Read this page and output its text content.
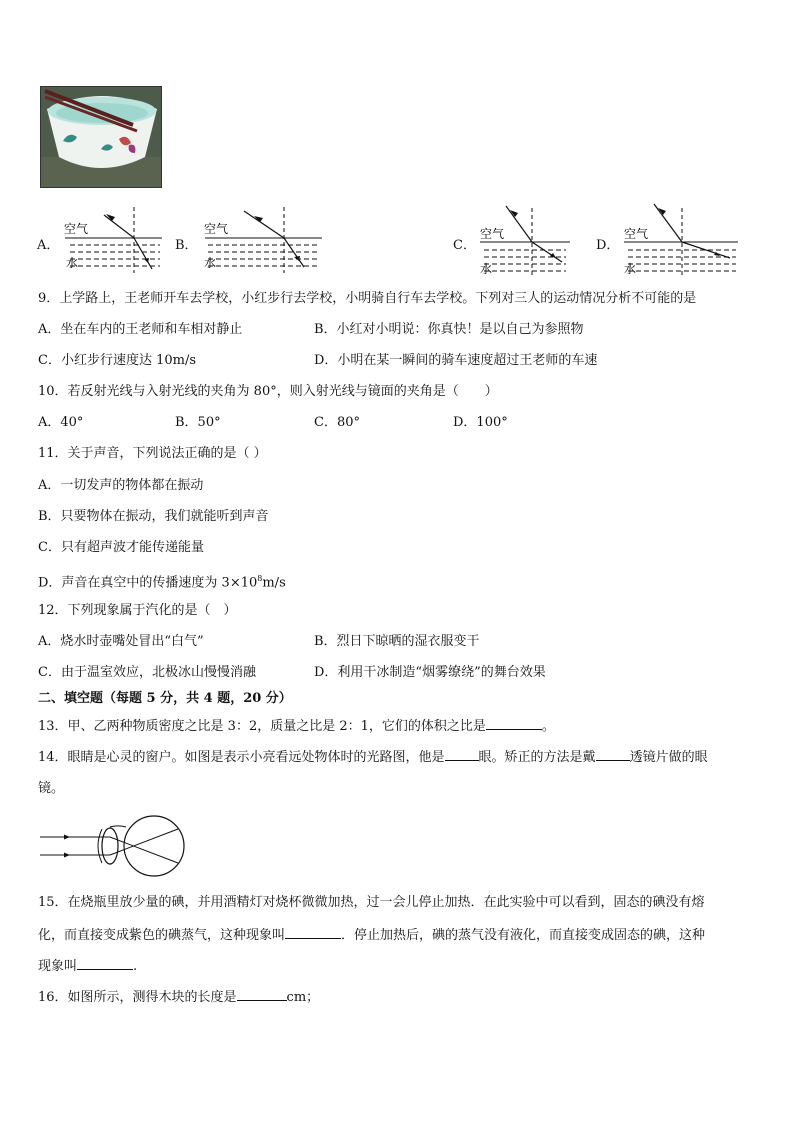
A．	B．	C．	D．
空气
水
空气
水
空气
水
空气
水
9．上学路上，王老师开车去学校，小红步行去学校，小明骑自行车去学校。下列对三人的运动情况分析不可能的是
A．坐在车内的王老师和车相对静止	B．小红对小明说：你真快！是以自己为参照物
C．小红步行速度达 10m/s	D．小明在某一瞬间的骑车速度超过王老师的车速
10．若反射光线与入射光线的夹角为 80°，则入射光线与镜面的夹角是（　　）
A．40°	B．50°	C．80°	D．100°
11．关于声音，下列说法正确的是（ ）
A．一切发声的物体都在振动
B．只要物体在振动，我们就能听到声音
C．只有超声波才能传递能量
D．声音在真空中的传播速度为 $3\times 10^8m/s$
12．下列现象属于汽化的是（　）
A．烧水时壶嘴处冒出“白气”	B．烈日下晾晒的湿衣服变干
C．由于温室效应，北极冰山慢慢消融	D．利用干冰制造“烟雾缭绕”的舞台效果
二、填空题（每题 5 分，共 4 题，20 分）
13．甲、乙两种物质密度之比是 3：2，质量之比是 2：1，它们的体积之比是	。
14．眼睛是心灵的窗户。如图是表示小亮看远处物体时的光路图，他是	眼。矫正的方法是戴	透镜片做的眼
镜。
15．在烧瓶里放少量的碘，并用酒精灯对烧杯微微加热，过一会儿停止加热．在此实验中可以看到，固态的碘没有熔
化，而直接变成紫色的碘蒸气，这种现象叫	．停止加热后，碘的蒸气没有液化，而直接变成固态的碘，这种
现象叫	.
16．如图所示，测得木块的长度是	cm；
